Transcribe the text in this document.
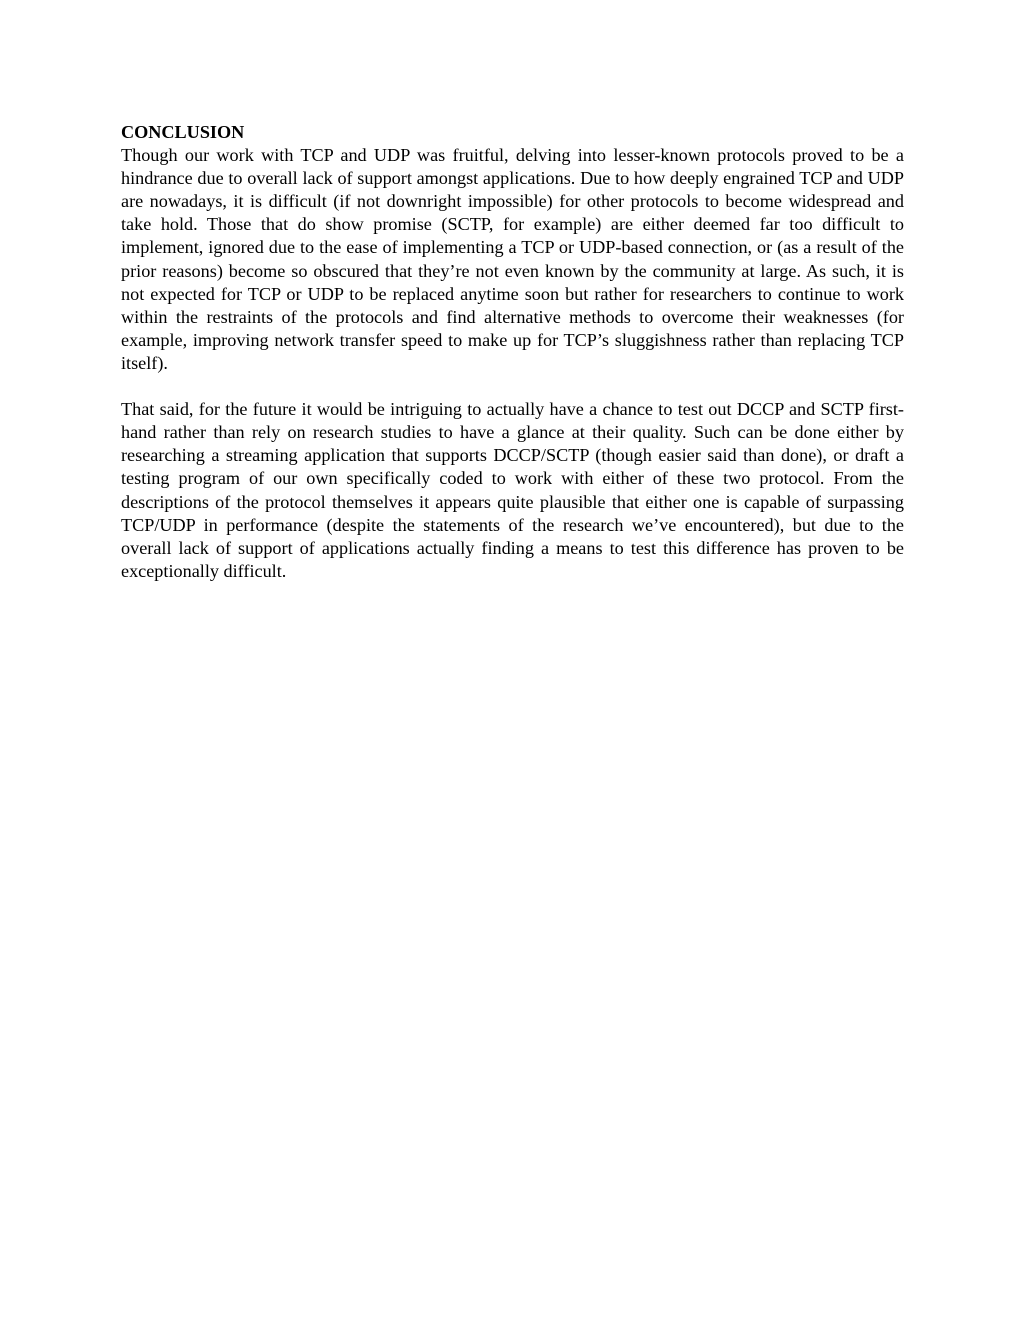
CONCLUSION

Though our work with TCP and UDP was fruitful, delving into lesser-known protocols proved to be a hindrance due to overall lack of support amongst applications. Due to how deeply engrained TCP and UDP are nowadays, it is difficult (if not downright impossible) for other protocols to become widespread and take hold. Those that do show promise (SCTP, for example) are either deemed far too difficult to implement, ignored due to the ease of implementing a TCP or UDP-based connection, or (as a result of the prior reasons) become so obscured that they’re not even known by the community at large. As such, it is not expected for TCP or UDP to be replaced anytime soon but rather for researchers to continue to work within the restraints of the protocols and find alternative methods to overcome their weaknesses (for example, improving network transfer speed to make up for TCP’s sluggishness rather than replacing TCP itself).

That said, for the future it would be intriguing to actually have a chance to test out DCCP and SCTP first-hand rather than rely on research studies to have a glance at their quality. Such can be done either by researching a streaming application that supports DCCP/SCTP (though easier said than done), or draft a testing program of our own specifically coded to work with either of these two protocol. From the descriptions of the protocol themselves it appears quite plausible that either one is capable of surpassing TCP/UDP in performance (despite the statements of the research we’ve encountered), but due to the overall lack of support of applications actually finding a means to test this difference has proven to be exceptionally difficult.
